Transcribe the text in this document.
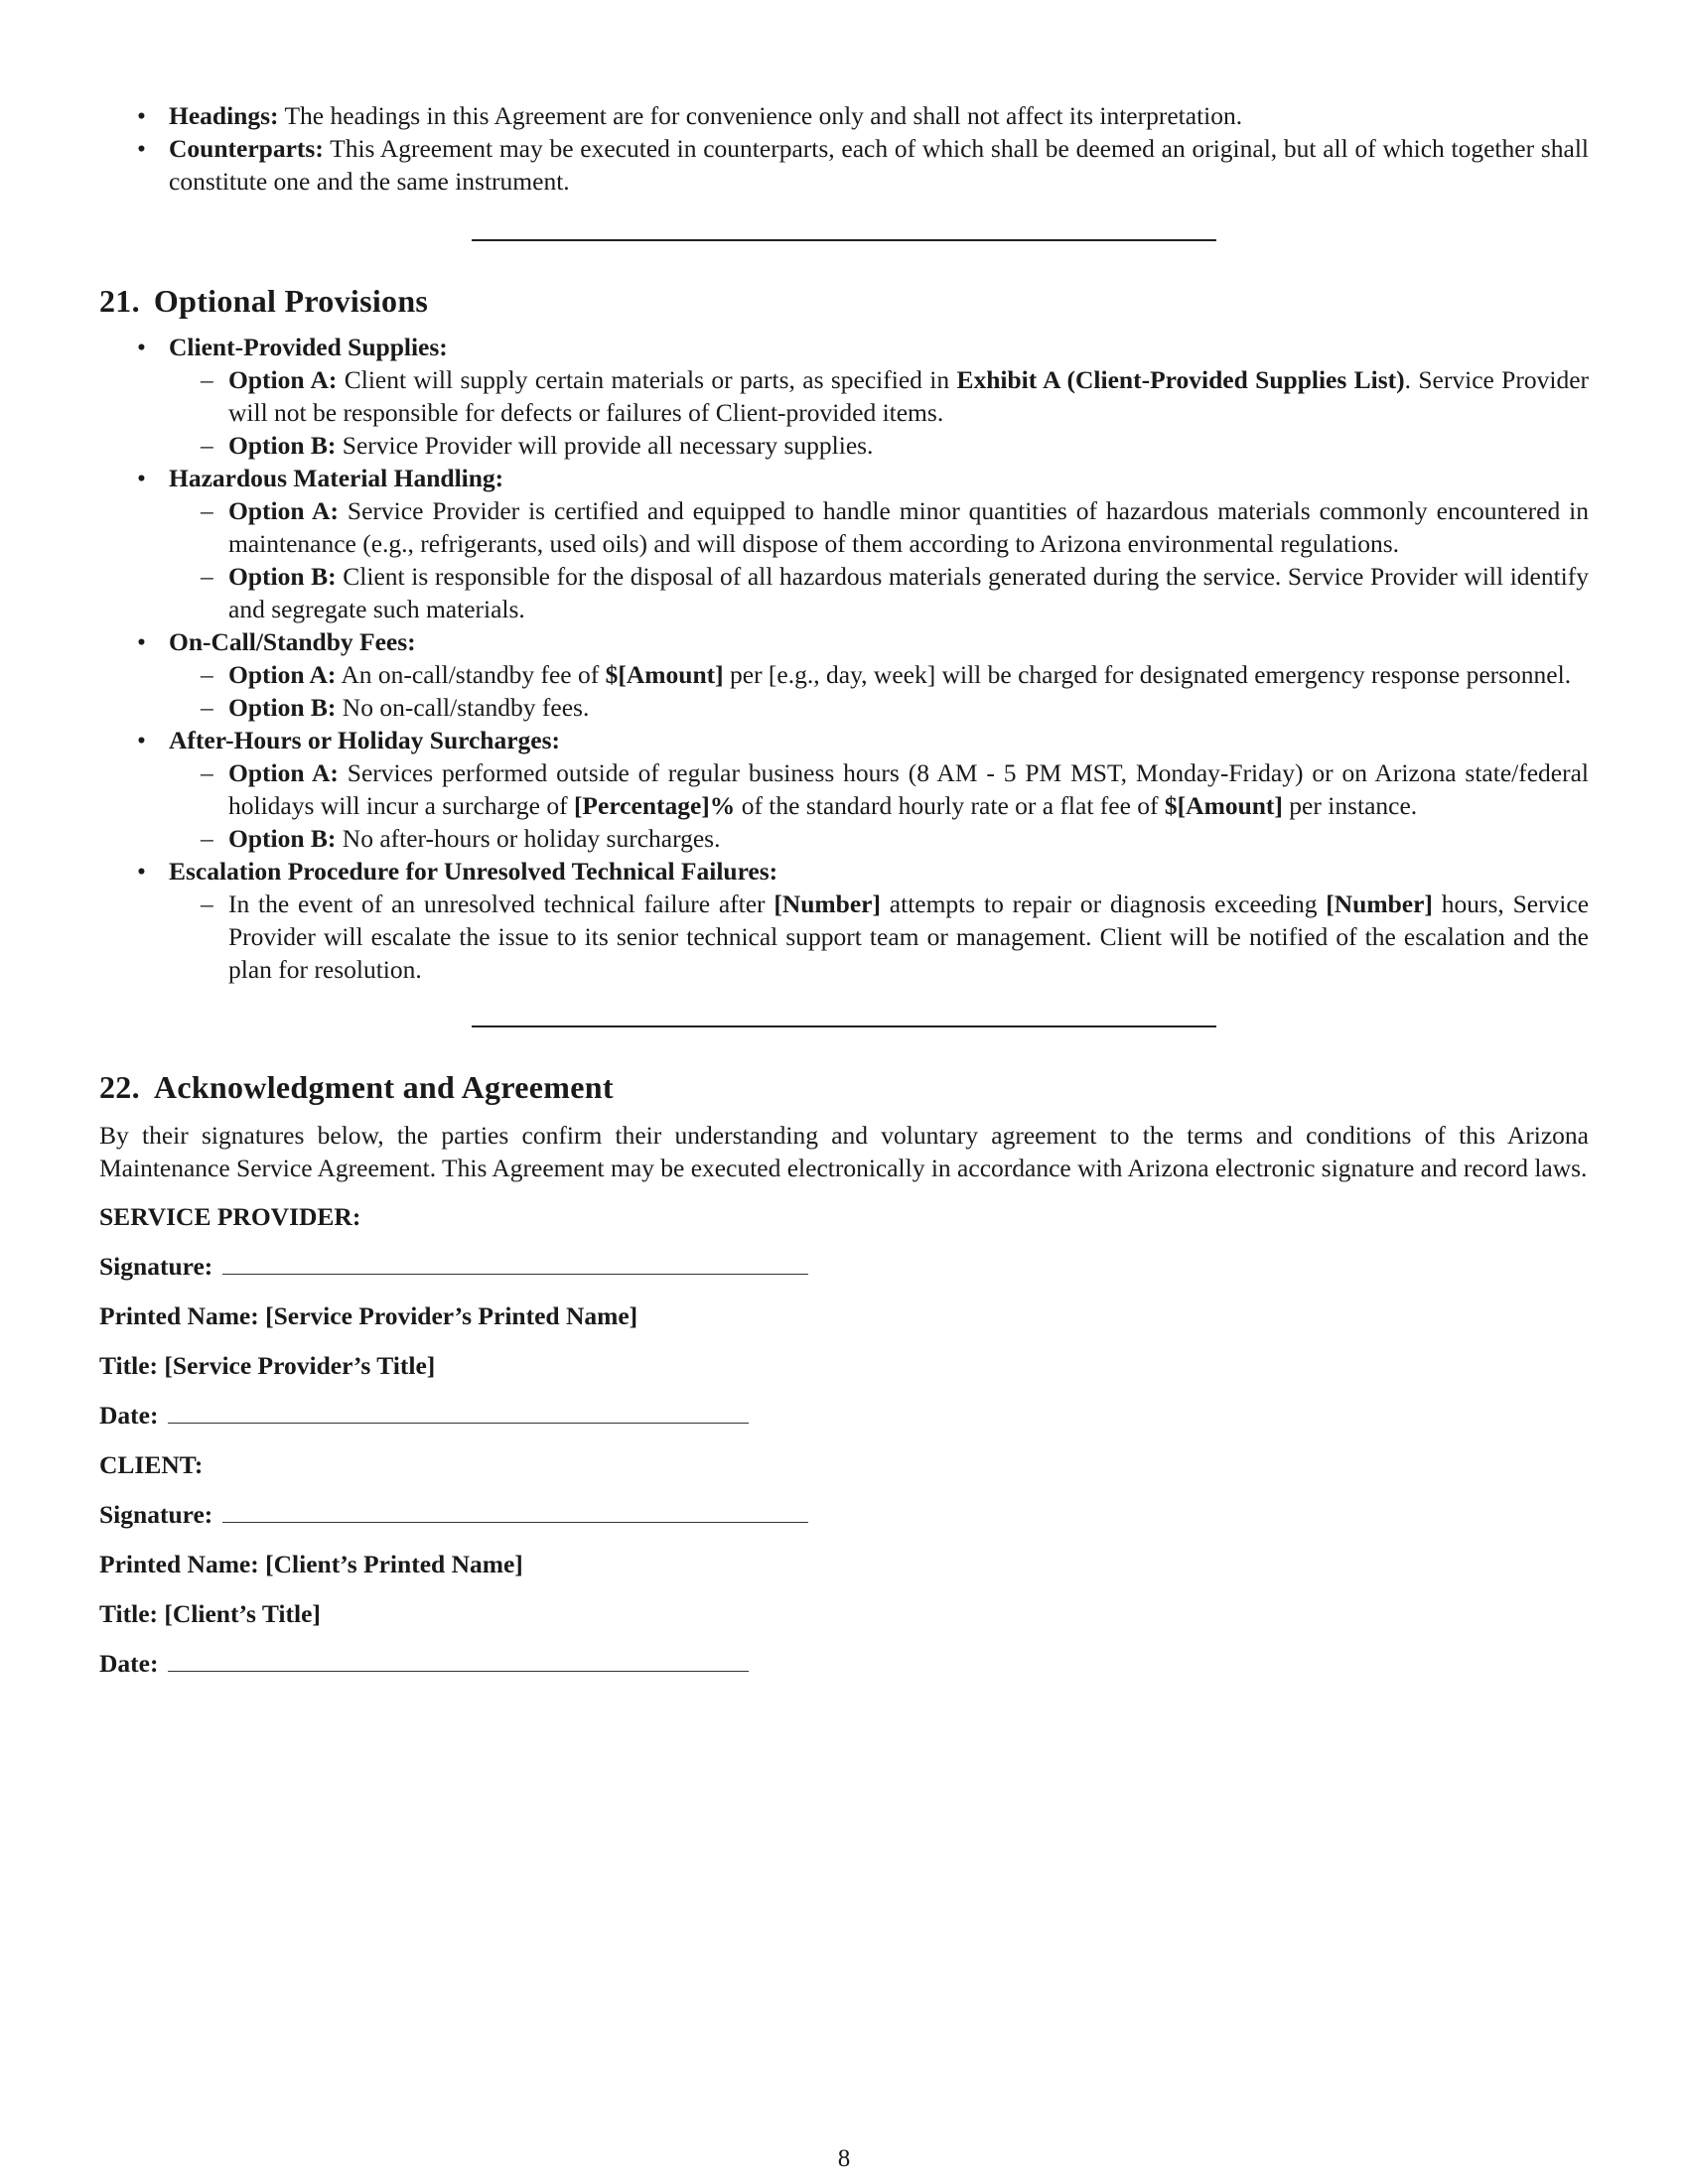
• Headings: The headings in this Agreement are for convenience only and shall not affect its interpretation.
• Counterparts: This Agreement may be executed in counterparts, each of which shall be deemed an original, but all of which together shall constitute one and the same instrument.
21. Optional Provisions
• Client-Provided Supplies:
– Option A: Client will supply certain materials or parts, as specified in Exhibit A (Client-Provided Supplies List). Service Provider will not be responsible for defects or failures of Client-provided items.
– Option B: Service Provider will provide all necessary supplies.
• Hazardous Material Handling:
– Option A: Service Provider is certified and equipped to handle minor quantities of hazardous materials commonly encountered in maintenance (e.g., refrigerants, used oils) and will dispose of them according to Arizona environmental regulations.
– Option B: Client is responsible for the disposal of all hazardous materials generated during the service. Service Provider will identify and segregate such materials.
• On-Call/Standby Fees:
– Option A: An on-call/standby fee of $[Amount] per [e.g., day, week] will be charged for designated emergency response personnel.
– Option B: No on-call/standby fees.
• After-Hours or Holiday Surcharges:
– Option A: Services performed outside of regular business hours (8 AM - 5 PM MST, Monday-Friday) or on Arizona state/federal holidays will incur a surcharge of [Percentage]% of the standard hourly rate or a flat fee of $[Amount] per instance.
– Option B: No after-hours or holiday surcharges.
• Escalation Procedure for Unresolved Technical Failures:
– In the event of an unresolved technical failure after [Number] attempts to repair or diagnosis exceeding [Number] hours, Service Provider will escalate the issue to its senior technical support team or management. Client will be notified of the escalation and the plan for resolution.
22. Acknowledgment and Agreement

By their signatures below, the parties confirm their understanding and voluntary agreement to the terms and conditions of this Arizona Maintenance Service Agreement. This Agreement may be executed electronically in accordance with Arizona electronic signature and record laws.

SERVICE PROVIDER:
Signature:
Printed Name: [Service Provider’s Printed Name]
Title: [Service Provider’s Title]
Date:
CLIENT:
Signature:
Printed Name: [Client’s Printed Name]
Title: [Client’s Title]
Date:
8
